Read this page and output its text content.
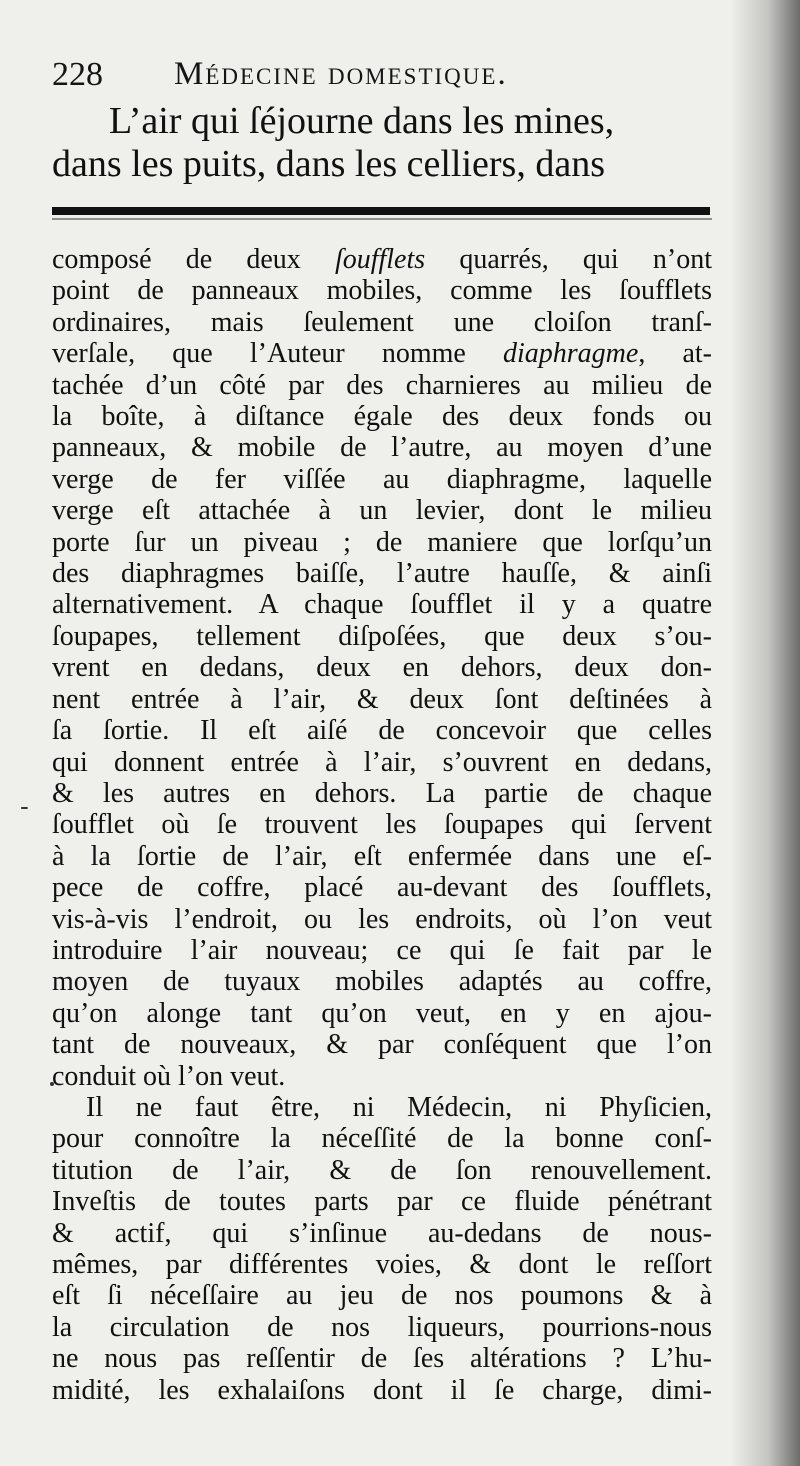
228 Médecine domestique.
L’air qui ſéjourne dans les mines,
dans les puits, dans les celliers, dans
-
composé de deux ſoufflets quarrés, qui n’ont
point de panneaux mobiles, comme les ſoufflets
ordinaires, mais ſeulement une cloiſon tranſ-
verſale, que l’Auteur nomme diaphragme, at-
tachée d’un côté par des charnieres au milieu de
la boîte, à diſtance égale des deux fonds ou
panneaux, & mobile de l’autre, au moyen d’une
verge de fer viſſée au diaphragme, laquelle
verge eſt attachée à un levier, dont le milieu
porte ſur un piveau ; de maniere que lorſqu’un
des diaphragmes baiſſe, l’autre hauſſe, & ainſi
alternativement. A chaque ſoufflet il y a quatre
ſoupapes, tellement diſpoſées, que deux s’ou-
vrent en dedans, deux en dehors, deux don-
nent entrée à l’air, & deux ſont deſtinées à
ſa ſortie. Il eſt aiſé de concevoir que celles
qui donnent entrée à l’air, s’ouvrent en dedans,
& les autres en dehors. La partie de chaque
ſoufflet où ſe trouvent les ſoupapes qui ſervent
à la ſortie de l’air, eſt enfermée dans une eſ-
pece de coffre, placé au-devant des ſoufflets,
vis-à-vis l’endroit, ou les endroits, où l’on veut
introduire l’air nouveau; ce qui ſe fait par le
moyen de tuyaux mobiles adaptés au coffre,
qu’on alonge tant qu’on veut, en y en ajou-
tant de nouveaux, & par conſéquent que l’on
conduit où l’on veut.
Il ne faut être, ni Médecin, ni Phyſicien,
pour connoître la néceſſité de la bonne conſ-
titution de l’air, & de ſon renouvellement.
Inveſtis de toutes parts par ce fluide pénétrant
& actif, qui s’inſinue au-dedans de nous-
mêmes, par différentes voies, & dont le reſſort
eſt ſi néceſſaire au jeu de nos poumons & à
la circulation de nos liqueurs, pourrions-nous
ne nous pas reſſentir de ſes altérations ? L’hu-
midité, les exhalaiſons dont il ſe charge, dimi-
